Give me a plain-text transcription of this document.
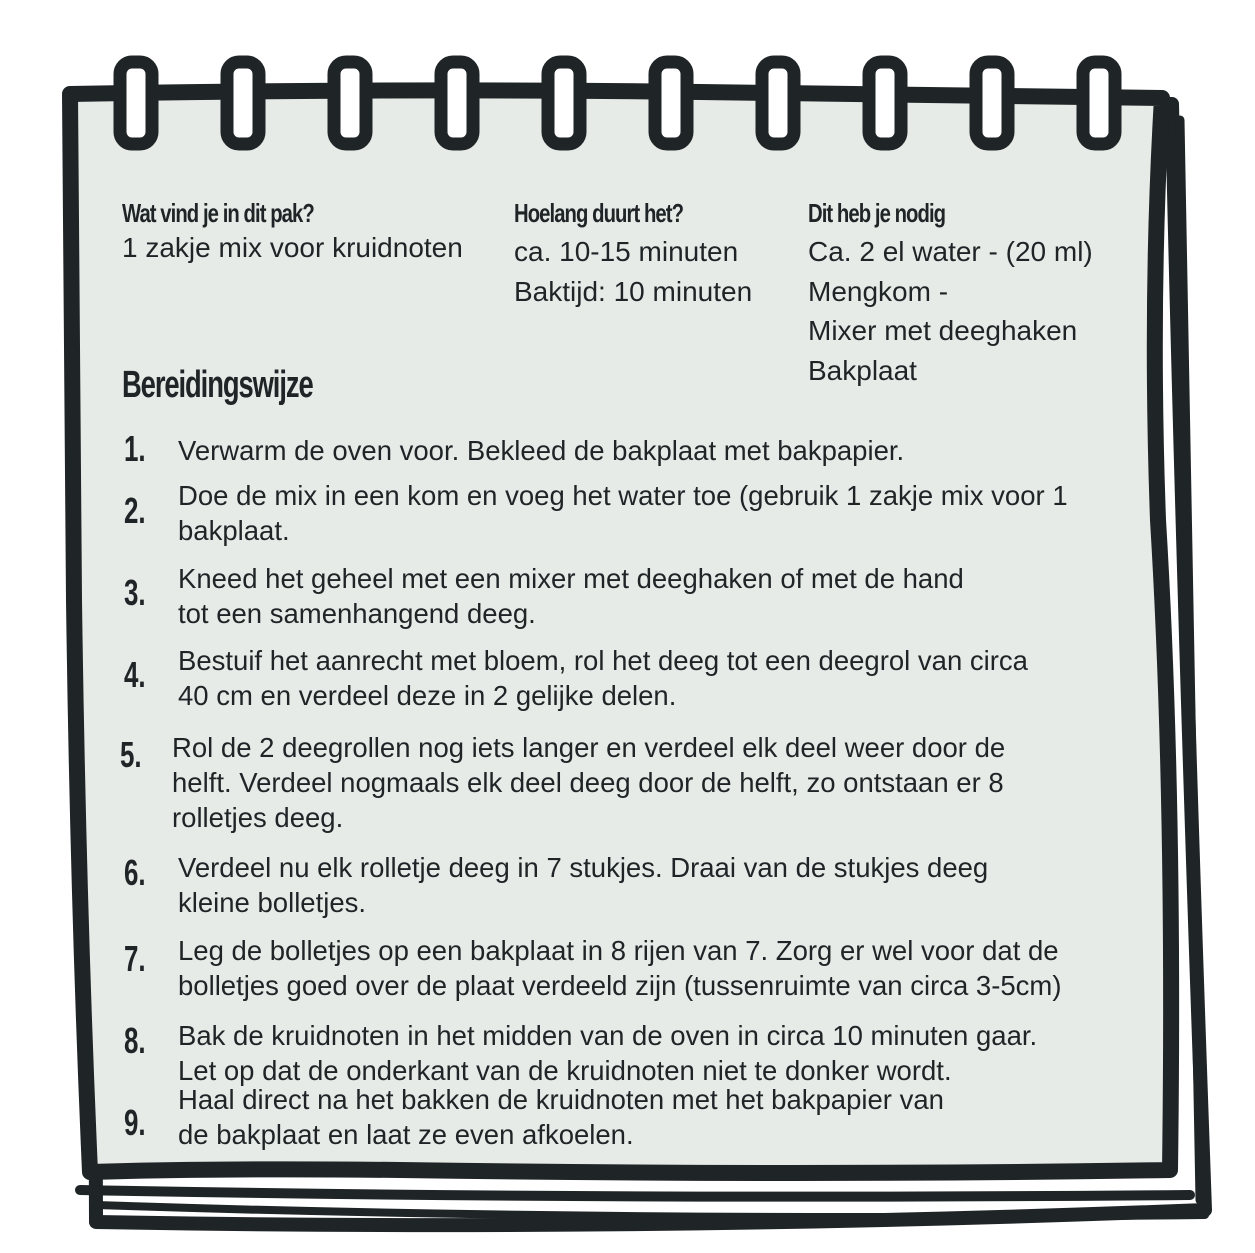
Wat vind je in dit pak?
1 zakje mix voor kruidnoten
Hoelang duurt het?
ca. 10-15 minuten
Baktijd: 10 minuten
Dit heb je nodig
Ca. 2 el water - (20 ml)
Mengkom -
Mixer met deeghaken
Bakplaat
Bereidingswijze
1. Verwarm de oven voor. Bekleed de bakplaat met bakpapier.
2. Doe de mix in een kom en voeg het water toe (gebruik 1 zakje mix voor 1
bakplaat.
3. Kneed het geheel met een mixer met deeghaken of met de hand
tot een samenhangend deeg.
4. Bestuif het aanrecht met bloem, rol het deeg tot een deegrol van circa
40 cm en verdeel deze in 2 gelijke delen.
5. Rol de 2 deegrollen nog iets langer en verdeel elk deel weer door de
helft. Verdeel nogmaals elk deel deeg door de helft, zo ontstaan er 8
rolletjes deeg.
6. Verdeel nu elk rolletje deeg in 7 stukjes. Draai van de stukjes deeg
kleine bolletjes.
7. Leg de bolletjes op een bakplaat in 8 rijen van 7. Zorg er wel voor dat de
bolletjes goed over de plaat verdeeld zijn (tussenruimte van circa 3-5cm)
8. Bak de kruidnoten in het midden van de oven in circa 10 minuten gaar.
Let op dat de onderkant van de kruidnoten niet te donker wordt.
9.
Haal direct na het bakken de kruidnoten met het bakpapier van
de bakplaat en laat ze even afkoelen.
